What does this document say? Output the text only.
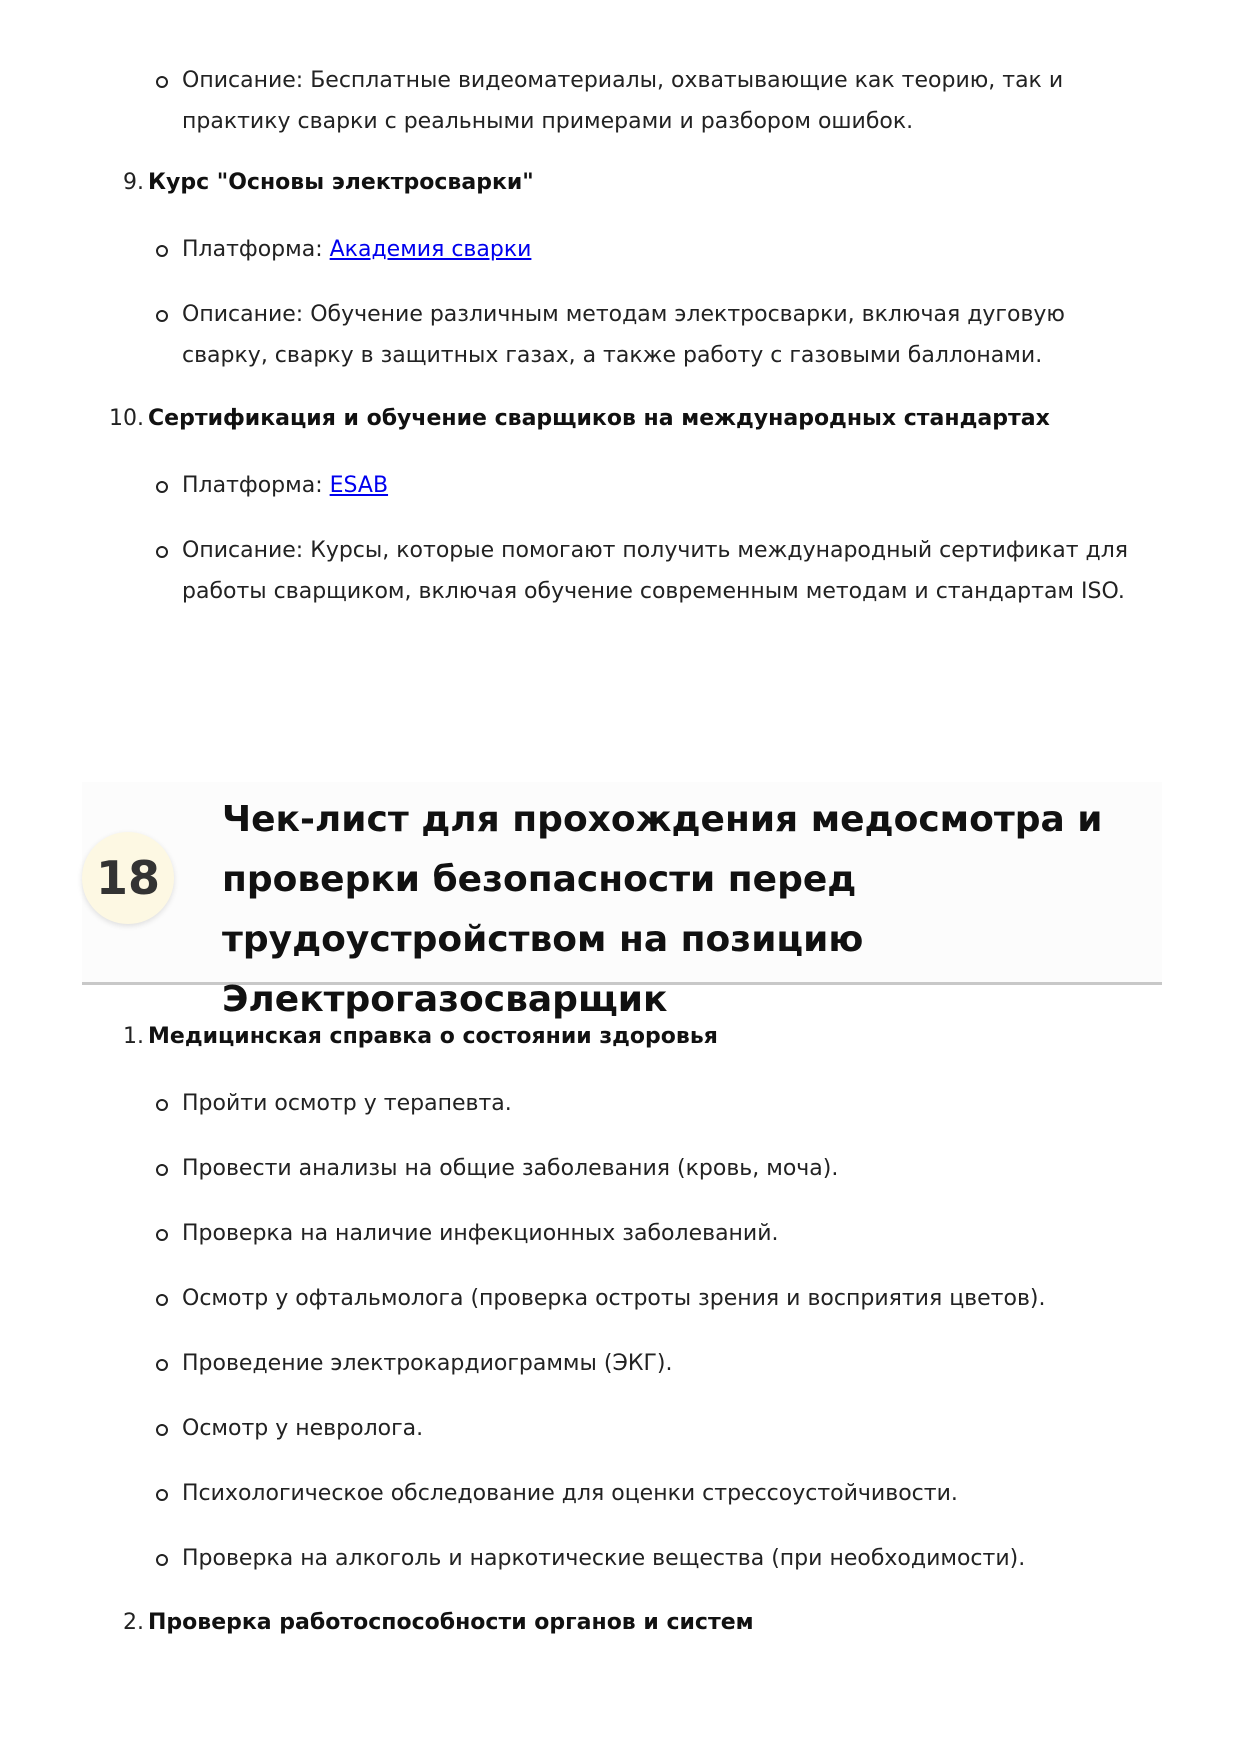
Описание: Бесплатные видеоматериалы, охватывающие как теорию, так и практику сварки с реальными примерами и разбором ошибок.
9. Курс "Основы электросварки"
Платформа: Академия сварки
Описание: Обучение различным методам электросварки, включая дуговую сварку, сварку в защитных газах, а также работу с газовыми баллонами.
10. Сертификация и обучение сварщиков на международных стандартах
Платформа: ESAB
Описание: Курсы, которые помогают получить международный сертификат для работы сварщиком, включая обучение современным методам и стандартам ISO.
18
Чек-лист для прохождения медосмотра и проверки безопасности перед трудоустройством на позицию Электрогазосварщик
1. Медицинская справка о состоянии здоровья
Пройти осмотр у терапевта.
Провести анализы на общие заболевания (кровь, моча).
Проверка на наличие инфекционных заболеваний.
Осмотр у офтальмолога (проверка остроты зрения и восприятия цветов).
Проведение электрокардиограммы (ЭКГ).
Осмотр у невролога.
Психологическое обследование для оценки стрессоустойчивости.
Проверка на алкоголь и наркотические вещества (при необходимости).
2. Проверка работоспособности органов и систем
